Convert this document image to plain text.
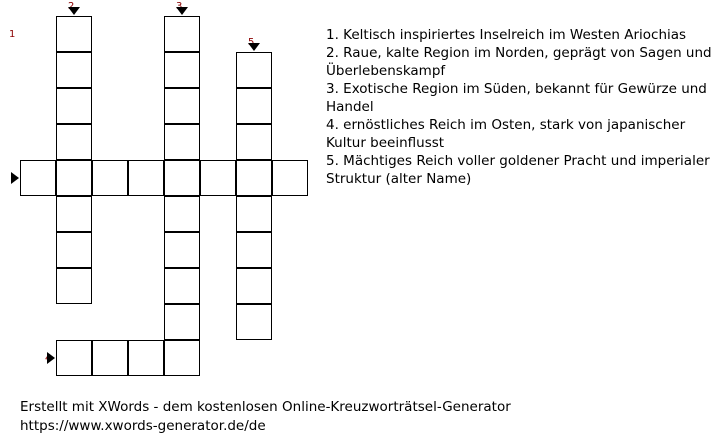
1
2	3
4
5	1. Keltisch inspiriertes Inselreich im Westen Ariochias

2. Raue, kalte Region im Norden, geprägt von Sagen und Überlebenskampf

3. Exotische Region im Süden, bekannt für Gewürze und Handel

4. ernöstliches Reich im Osten, stark von japanischer Kultur beeinflusst

5. Mächtiges Reich voller goldener Pracht und imperialer Struktur (alter Name)

Erstellt mit XWords - dem kostenlosen Online-Kreuzworträtsel-Generator

https://www.xwords-generator.de/de
